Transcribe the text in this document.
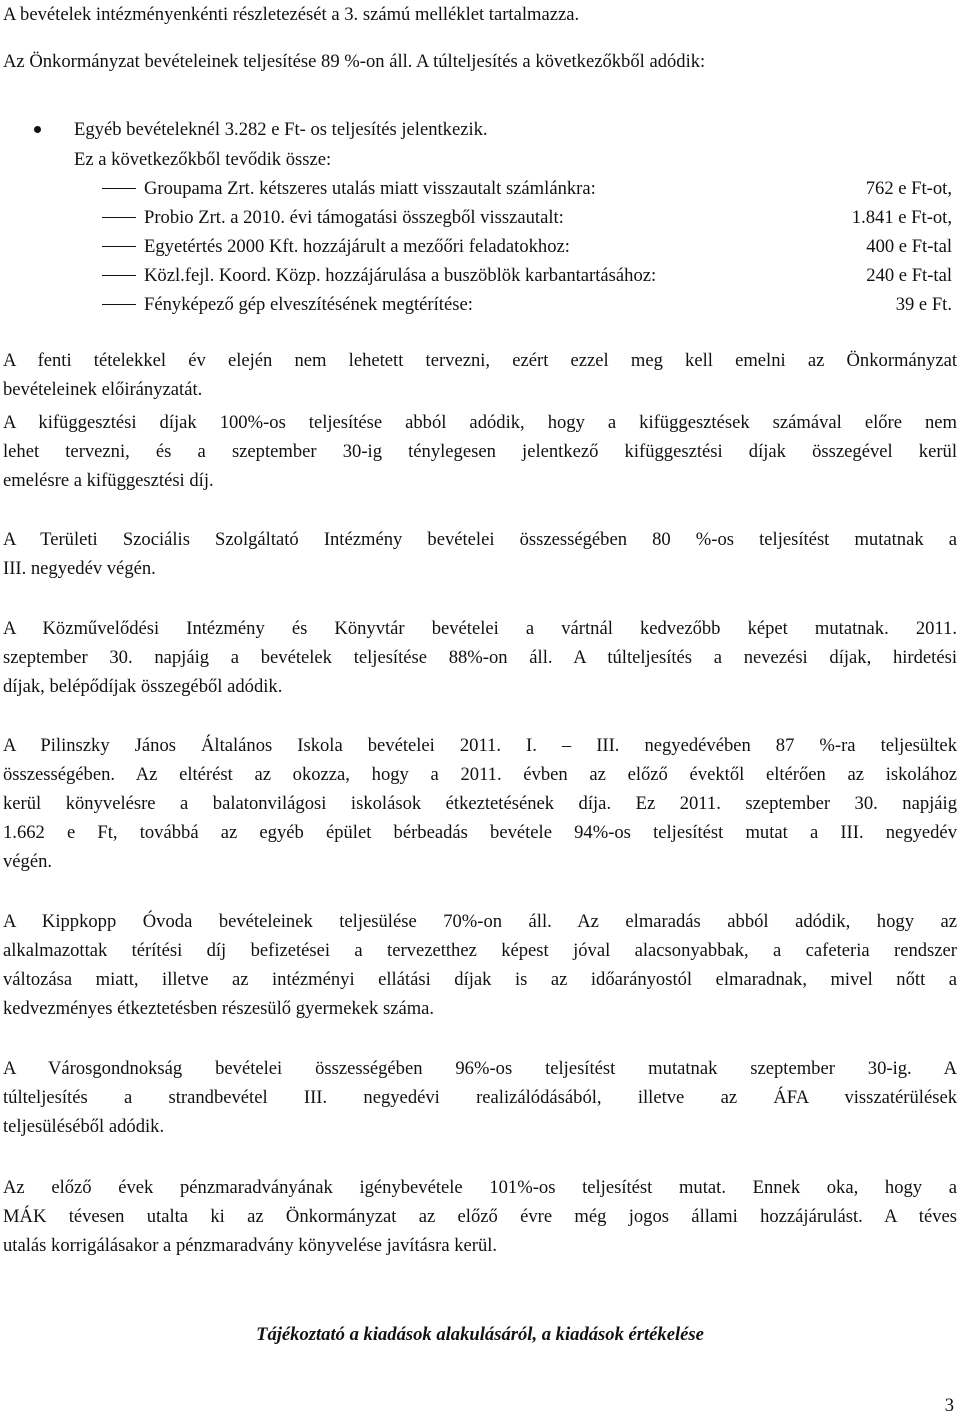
A bevételek intézményenkénti részletezését a 3. számú melléklet tartalmazza.
Az Önkormányzat bevételeinek teljesítése 89 %-on áll. A túlteljesítés a következőkből adódik:
Egyéb bevételeknél 3.282 e Ft- os teljesítés jelentkezik.
Ez a következőkből tevődik össze:
Groupama Zrt. kétszeres utalás miatt visszautalt számlánkra:	762 e Ft-ot,
Probio Zrt. a 2010. évi támogatási összegből visszautalt:	1.841 e Ft-ot,
Egyetértés 2000 Kft. hozzájárult a mezőőri feladatokhoz:	400 e Ft-tal
Közl.fejl. Koord. Közp. hozzájárulása a buszöblök karbantartásához:	240 e Ft-tal
Fényképező gép elveszítésének megtérítése:	39 e Ft.
A fenti tételekkel év elején nem lehetett tervezni, ezért ezzel meg kell emelni az Önkormányzat
bevételeinek előirányzatát.
A kifüggesztési díjak 100%-os teljesítése abból adódik, hogy a kifüggesztések számával előre nem
lehet tervezni, és a szeptember 30-ig ténylegesen jelentkező kifüggesztési díjak összegével kerül
emelésre a kifüggesztési díj.
A Területi Szociális Szolgáltató Intézmény bevételei összességében 80 %-os teljesítést mutatnak a
III. negyedév végén.
A Közművelődési Intézmény és Könyvtár bevételei a vártnál kedvezőbb képet mutatnak. 2011.
szeptember 30. napjáig a bevételek teljesítése 88%-on áll. A túlteljesítés a nevezési díjak, hirdetési
díjak, belépődíjak összegéből adódik.
A Pilinszky János Általános Iskola bevételei 2011. I. – III. negyedévében 87 %-ra teljesültek
összességében. Az eltérést az okozza, hogy a 2011. évben az előző évektől eltérően az iskolához
kerül könyvelésre a balatonvilágosi iskolások étkeztetésének díja. Ez 2011. szeptember 30. napjáig
1.662 e Ft, továbbá az egyéb épület bérbeadás bevétele 94%-os teljesítést mutat a III. negyedév
végén.
A Kippkopp Óvoda bevételeinek teljesülése 70%-on áll. Az elmaradás abból adódik, hogy az
alkalmazottak térítési díj befizetései a tervezetthez képest jóval alacsonyabbak, a cafeteria rendszer
változása miatt, illetve az intézményi ellátási díjak is az időarányostól elmaradnak, mivel nőtt a
kedvezményes étkeztetésben részesülő gyermekek száma.
A Városgondnokság bevételei összességében 96%-os teljesítést mutatnak szeptember 30-ig. A
túlteljesítés a strandbevétel III. negyedévi realizálódásából, illetve az ÁFA visszatérülések
teljesüléséből adódik.
Az előző évek pénzmaradványának igénybevétele 101%-os teljesítést mutat. Ennek oka, hogy a
MÁK tévesen utalta ki az Önkormányzat az előző évre még jogos állami hozzájárulást. A téves
utalás korrigálásakor a pénzmaradvány könyvelése javításra kerül.
Tájékoztató a kiadások alakulásáról, a kiadások értékelése
3
